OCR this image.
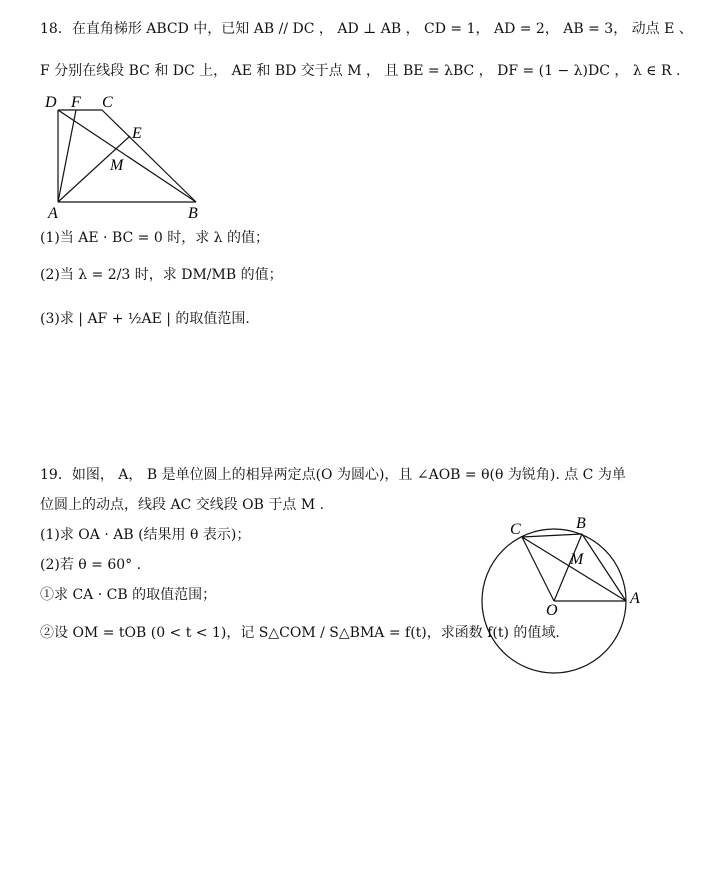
18．在直角梯形 ABCD 中，已知 AB // DC ， AD ⊥ AB ， CD = 1， AD = 2， AB = 3， 动点 E 、
F 分别在线段 BC 和 DC 上， AE 和 BD 交于点 M ， 且 BE = λBC ， DF = (1 − λ)DC ， λ ∈ R .
D F C
E
M
A	B
(1)当 AE · BC = 0 时，求 λ 的值；
(2)当 λ = 2/3 时，求 DM/MB 的值；
(3)求 | AF + ½AE | 的取值范围.
19．如图， A， B 是单位圆上的相异两定点(O 为圆心)，且 ∠AOB = θ(θ 为锐角). 点 C 为单
位圆上的动点，线段 AC 交线段 OB 于点 M .
(1)求 OA · AB (结果用 θ 表示)；
(2)若 θ = 60° .
①求 CA · CB 的取值范围；
②设 OM = tOB (0 < t < 1)，记 S△COM / S△BMA = f(t)，求函数 f(t) 的值域.
C	B
M
O
A
